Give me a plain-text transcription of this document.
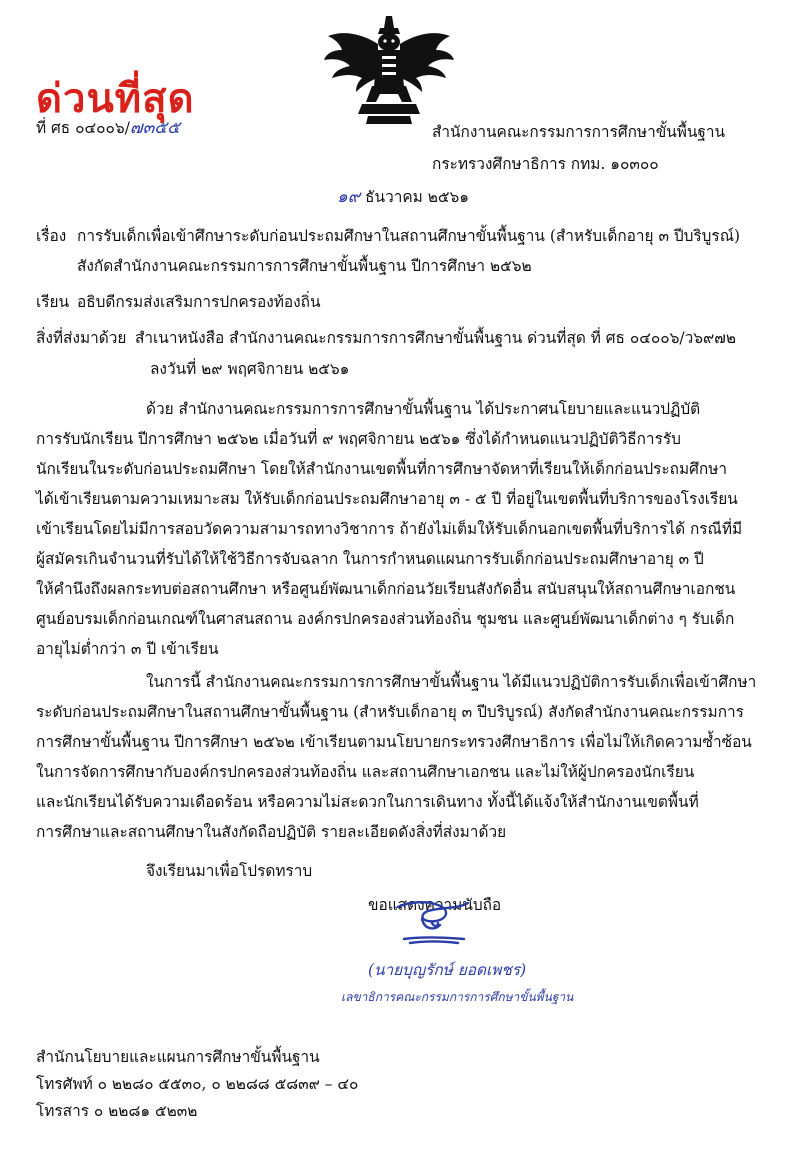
ด่วนที่สุด
ที่ ศธ ๐๔๐๐๖/๗๓๕๕	สำนักงานคณะกรรมการการศึกษาขั้นพื้นฐาน
กระทรวงศึกษาธิการ กทม. ๑๐๓๐๐
๑๙ ธันวาคม ๒๕๖๑
เรื่อง การรับเด็กเพื่อเข้าศึกษาระดับก่อนประถมศึกษาในสถานศึกษาขั้นพื้นฐาน (สำหรับเด็กอายุ ๓ ปีบริบูรณ์)
สังกัดสำนักงานคณะกรรมการการศึกษาขั้นพื้นฐาน ปีการศึกษา ๒๕๖๒
เรียน อธิบดีกรมส่งเสริมการปกครองท้องถิ่น
สิ่งที่ส่งมาด้วย สำเนาหนังสือ สำนักงานคณะกรรมการการศึกษาขั้นพื้นฐาน ด่วนที่สุด ที่ ศธ ๐๔๐๐๖/ว๖๙๗๒
ลงวันที่ ๒๙ พฤศจิกายน ๒๕๖๑
ด้วย สำนักงานคณะกรรมการการศึกษาขั้นพื้นฐาน ได้ประกาศนโยบายและแนวปฏิบัติ
การรับนักเรียน ปีการศึกษา ๒๕๖๒ เมื่อวันที่ ๙ พฤศจิกายน ๒๕๖๑ ซึ่งได้กำหนดแนวปฏิบัติวิธีการรับ
นักเรียนในระดับก่อนประถมศึกษา โดยให้สำนักงานเขตพื้นที่การศึกษาจัดหาที่เรียนให้เด็กก่อนประถมศึกษา
ได้เข้าเรียนตามความเหมาะสม ให้รับเด็กก่อนประถมศึกษาอายุ ๓ - ๕ ปี ที่อยู่ในเขตพื้นที่บริการของโรงเรียน
เข้าเรียนโดยไม่มีการสอบวัดความสามารถทางวิชาการ ถ้ายังไม่เต็มให้รับเด็กนอกเขตพื้นที่บริการได้ กรณีที่มี
ผู้สมัครเกินจำนวนที่รับได้ให้ใช้วิธีการจับฉลาก ในการกำหนดแผนการรับเด็กก่อนประถมศึกษาอายุ ๓ ปี
ให้คำนึงถึงผลกระทบต่อสถานศึกษา หรือศูนย์พัฒนาเด็กก่อนวัยเรียนสังกัดอื่น สนับสนุนให้สถานศึกษาเอกชน
ศูนย์อบรมเด็กก่อนเกณฑ์ในศาสนสถาน องค์กรปกครองส่วนท้องถิ่น ชุมชน และศูนย์พัฒนาเด็กต่าง ๆ รับเด็ก
อายุไม่ต่ำกว่า ๓ ปี เข้าเรียน
ในการนี้ สำนักงานคณะกรรมการการศึกษาขั้นพื้นฐาน ได้มีแนวปฏิบัติการรับเด็กเพื่อเข้าศึกษา
ระดับก่อนประถมศึกษาในสถานศึกษาขั้นพื้นฐาน (สำหรับเด็กอายุ ๓ ปีบริบูรณ์) สังกัดสำนักงานคณะกรรมการ
การศึกษาขั้นพื้นฐาน ปีการศึกษา ๒๕๖๒ เข้าเรียนตามนโยบายกระทรวงศึกษาธิการ เพื่อไม่ให้เกิดความซ้ำซ้อน
ในการจัดการศึกษากับองค์กรปกครองส่วนท้องถิ่น และสถานศึกษาเอกชน และไม่ให้ผู้ปกครองนักเรียน
และนักเรียนได้รับความเดือดร้อน หรือความไม่สะดวกในการเดินทาง ทั้งนี้ได้แจ้งให้สำนักงานเขตพื้นที่
การศึกษาและสถานศึกษาในสังกัดถือปฏิบัติ รายละเอียดดังสิ่งที่ส่งมาด้วย
จึงเรียนมาเพื่อโปรดทราบ
ขอแสดงความนับถือ
(นายบุญรักษ์ ยอดเพชร)
เลขาธิการคณะกรรมการการศึกษาขั้นพื้นฐาน
สำนักนโยบายและแผนการศึกษาขั้นพื้นฐาน
โทรศัพท์ ๐ ๒๒๘๐ ๕๕๓๐, ๐ ๒๒๘๘ ๕๘๓๙ – ๔๐
โทรสาร ๐ ๒๒๘๑ ๕๒๓๒
